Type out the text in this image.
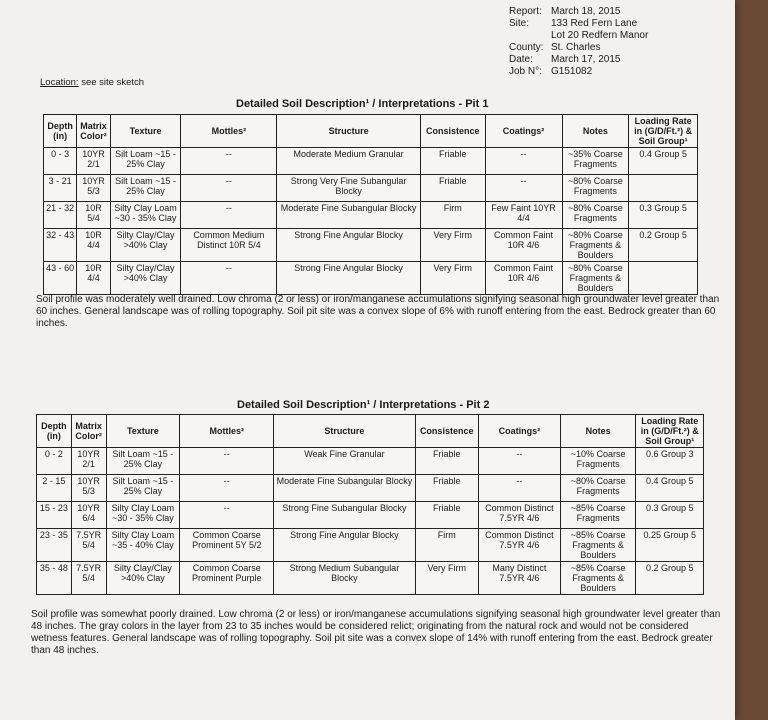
Report: March 18, 2015
Site:	133 Red Fern Lane
Lot 20 Redfern Manor
County: St. Charles
Date:	March 17, 2015
Job N°: G151082
Location: see site sketch
Detailed Soil Description¹ / Interpretations - Pit 1
Depth (in)	Matrix Color²	Texture	Mottles²	Structure	Consistence	Coatings²	Notes	Loading Rate in (G/D/Ft.²) & Soil Group¹
0 - 3	10YR 2/1	Silt Loam ~15 - 25% Clay	--	Moderate Medium Granular	Friable	--	~35% Coarse Fragments	0.4 Group 5
3 - 21	10YR 5/3	Silt Loam ~15 - 25% Clay	--	Strong Very Fine Subangular Blocky	Friable	--	~80% Coarse Fragments	
21 - 32	10R 5/4	Silty Clay Loam ~30 - 35% Clay	--	Moderate Fine Subangular Blocky	Firm	Few Faint 10YR 4/4	~80% Coarse Fragments	0.3 Group 5
32 - 43	10R 4/4	Silty Clay/Clay >40% Clay	Common Medium Distinct 10R 5/4	Strong Fine Angular Blocky	Very Firm	Common Faint 10R 4/6	~80% Coarse Fragments & Boulders	0.2 Group 5
43 - 60	10R 4/4	Silty Clay/Clay >40% Clay	--	Strong Fine Angular Blocky	Very Firm	Common Faint 10R 4/6	~80% Coarse Fragments & Boulders	
Soil profile was moderately well drained. Low chroma (2 or less) or iron/manganese accumulations signifying seasonal high groundwater level greater than 60 inches. General landscape was of rolling topography. Soil pit site was a convex slope of 6% with runoff entering from the east. Bedrock greater than 60 inches.
Detailed Soil Description¹ / Interpretations - Pit 2
Depth (in)	Matrix Color²	Texture	Mottles²	Structure	Consistence	Coatings²	Notes	Loading Rate in (G/D/Ft.²) & Soil Group¹
0 - 2	10YR 2/1	Silt Loam ~15 - 25% Clay	--	Weak Fine Granular	Friable	--	~10% Coarse Fragments	0.6 Group 3
2 - 15	10YR 5/3	Silt Loam ~15 - 25% Clay	--	Moderate Fine Subangular Blocky	Friable	--	~80% Coarse Fragments	0.4 Group 5
15 - 23	10YR 6/4	Silty Clay Loam ~30 - 35% Clay	--	Strong Fine Subangular Blocky	Friable	Common Distinct 7.5YR 4/6	~85% Coarse Fragments	0.3 Group 5
23 - 35	7.5YR 5/4	Silty Clay Loam ~35 - 40% Clay	Common Coarse Prominent 5Y 5/2	Strong Fine Angular Blocky	Firm	Common Distinct 7.5YR 4/6	~85% Coarse Fragments & Boulders	0.25 Group 5
35 - 48	7.5YR 5/4	Silty Clay/Clay >40% Clay	Common Coarse Prominent Purple	Strong Medium Subangular Blocky	Very Firm	Many Distinct 7.5YR 4/6	~85% Coarse Fragments & Boulders	0.2 Group 5
Soil profile was somewhat poorly drained. Low chroma (2 or less) or iron/manganese accumulations signifying seasonal high groundwater level greater than 48 inches. The gray colors in the layer from 23 to 35 inches would be considered relict; originating from the natural rock and would not be considered wetness features. General landscape was of rolling topography. Soil pit site was a convex slope of 14% with runoff entering from the east. Bedrock greater than 48 inches.
